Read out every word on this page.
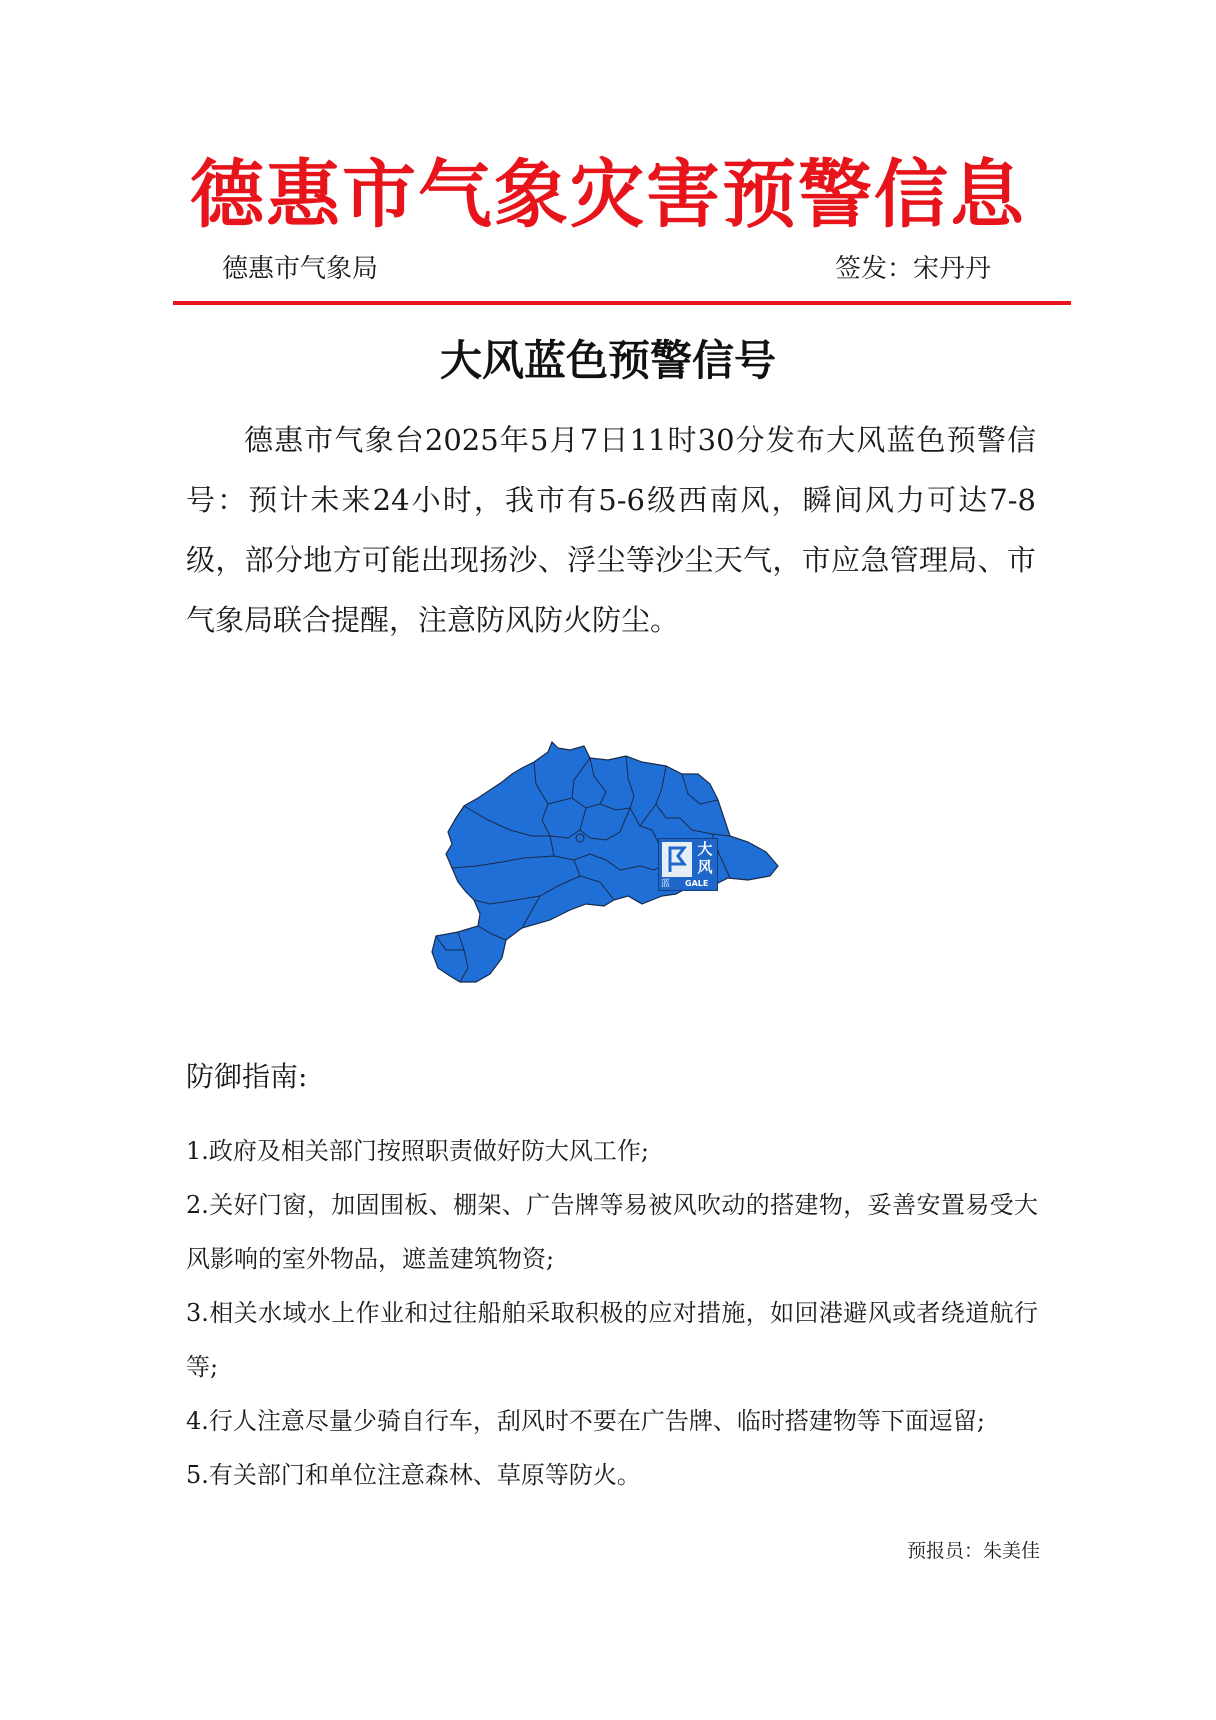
德惠市气象灾害预警信息
德惠市气象局	签发：宋丹丹
大风蓝色预警信号

德惠市气象台2025年5月7日11时30分发布大风蓝色预警信号：预计未来24小时，我市有5-6级西南风，瞬间风力可达7-8级，部分地方可能出现扬沙、浮尘等沙尘天气，市应急管理局、市气象局联合提醒，注意防风防火防尘。

大
风
蓝 GALE
防御指南:
1.政府及相关部门按照职责做好防大风工作;
2.关好门窗，加固围板、棚架、广告牌等易被风吹动的搭建物，妥善安置易受大风影响的室外物品，遮盖建筑物资;
3.相关水域水上作业和过往船舶采取积极的应对措施，如回港避风或者绕道航行等;
4.行人注意尽量少骑自行车，刮风时不要在广告牌、临时搭建物等下面逗留;
5.有关部门和单位注意森林、草原等防火。
预报员：朱美佳
